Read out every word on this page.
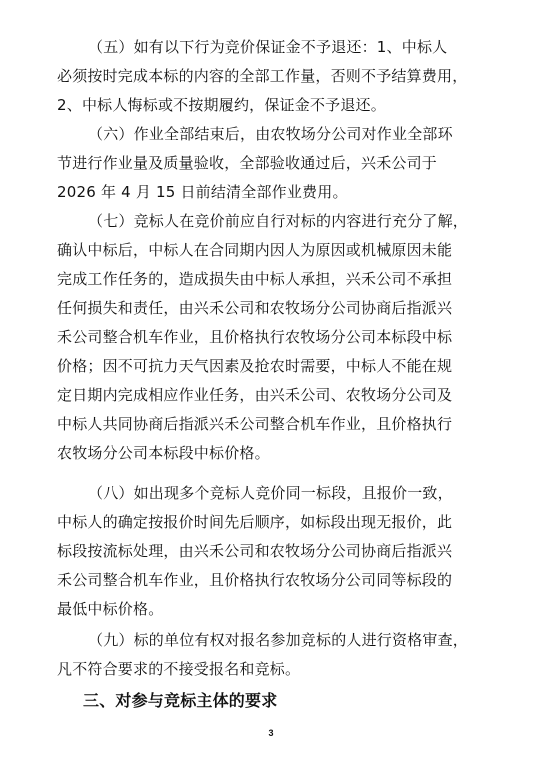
（五）如有以下行为竞价保证金不予退还：1、中标人
必须按时完成本标的内容的全部工作量，否则不予结算费用，
2、中标人悔标或不按期履约，保证金不予退还。
（六）作业全部结束后，由农牧场分公司对作业全部环
节进行作业量及质量验收，全部验收通过后，兴禾公司于
2026 年 4 月 15 日前结清全部作业费用。
（七）竞标人在竞价前应自行对标的内容进行充分了解，
确认中标后，中标人在合同期内因人为原因或机械原因未能
完成工作任务的，造成损失由中标人承担，兴禾公司不承担
任何损失和责任，由兴禾公司和农牧场分公司协商后指派兴
禾公司整合机车作业，且价格执行农牧场分公司本标段中标
价格；因不可抗力天气因素及抢农时需要，中标人不能在规
定日期内完成相应作业任务，由兴禾公司、农牧场分公司及
中标人共同协商后指派兴禾公司整合机车作业，且价格执行
农牧场分公司本标段中标价格。
（八）如出现多个竞标人竞价同一标段，且报价一致，
中标人的确定按报价时间先后顺序，如标段出现无报价，此
标段按流标处理，由兴禾公司和农牧场分公司协商后指派兴
禾公司整合机车作业，且价格执行农牧场分公司同等标段的
最低中标价格。
（九）标的单位有权对报名参加竞标的人进行资格审查，
凡不符合要求的不接受报名和竞标。
三、对参与竞标主体的要求
3
